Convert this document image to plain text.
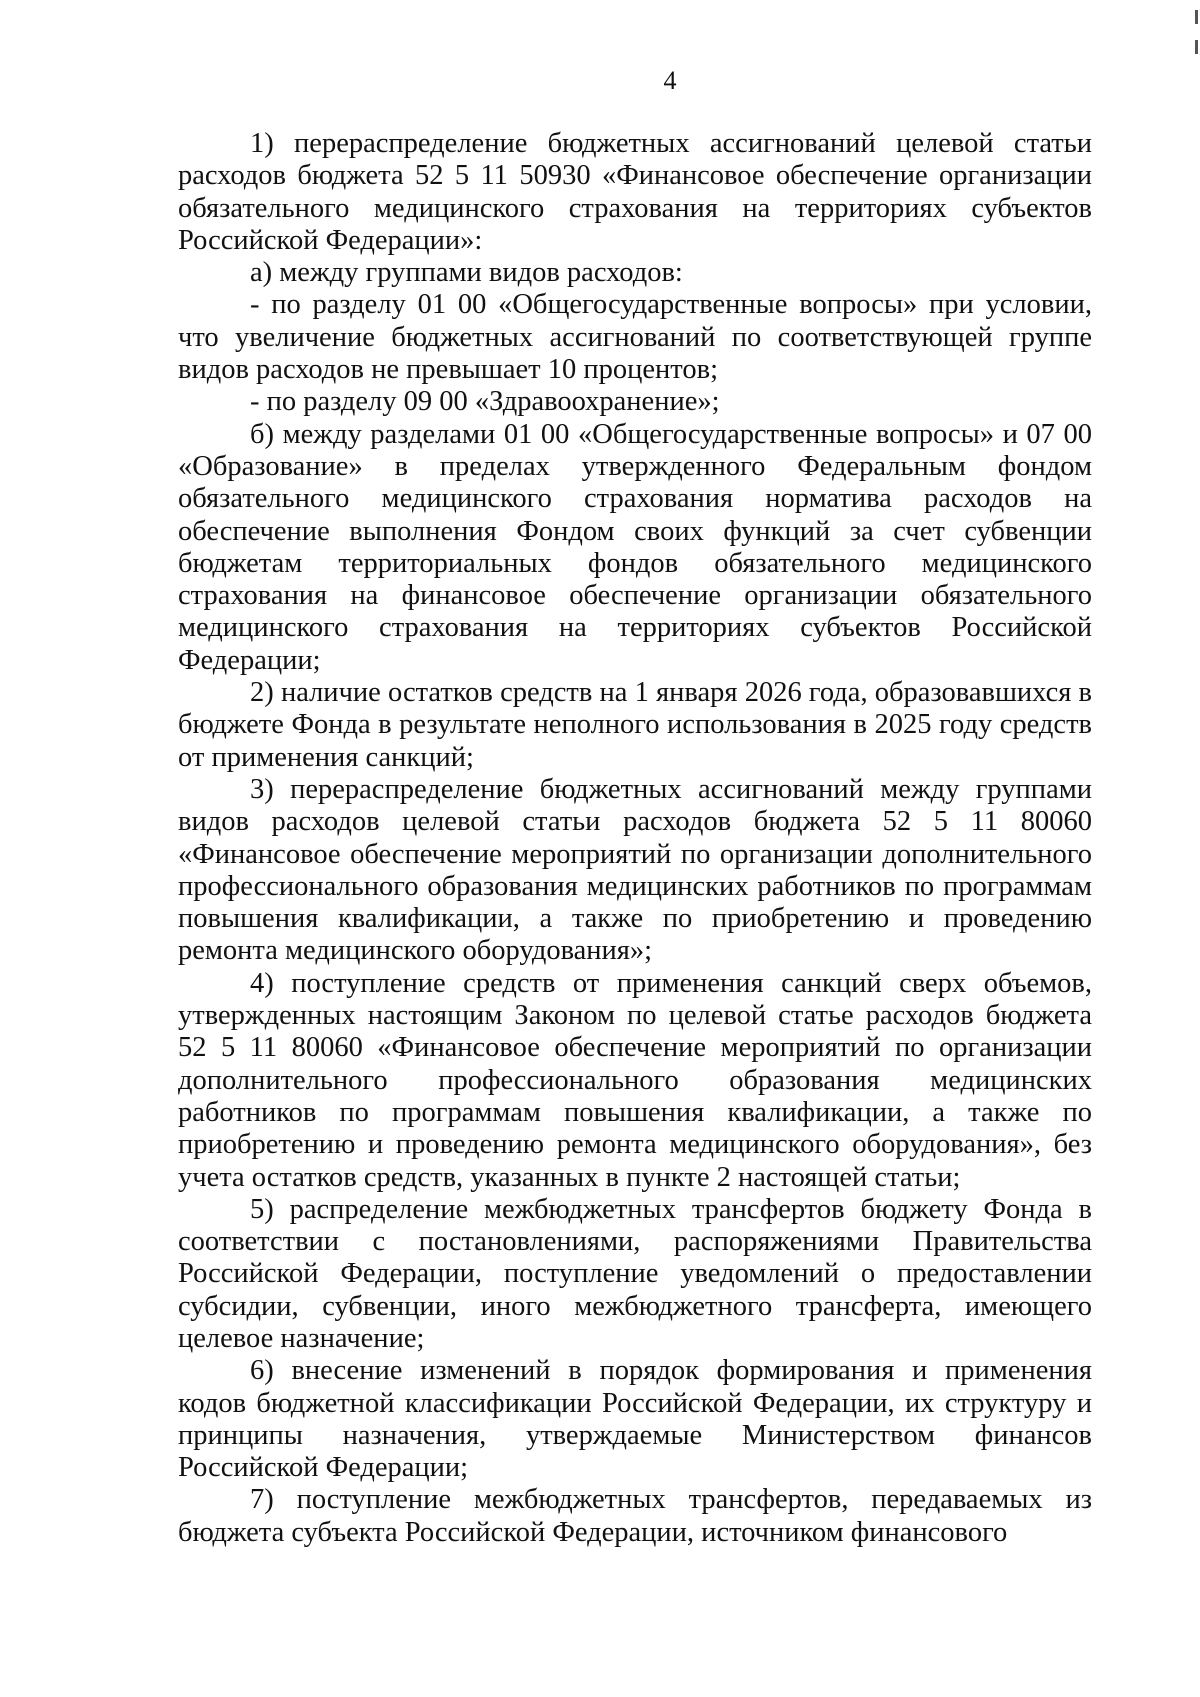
4

1) перераспределение бюджетных ассигнований целевой статьи расходов бюджета 52 5 11 50930 «Финансовое обеспечение организации обязательного медицинского страхования на территориях субъектов Российской Федерации»:

а) между группами видов расходов:

- по разделу 01 00 «Общегосударственные вопросы» при условии, что увеличение бюджетных ассигнований по соответствующей группе видов расходов не превышает 10 процентов;

- по разделу 09 00 «Здравоохранение»;

б) между разделами 01 00 «Общегосударственные вопросы» и 07 00 «Образование» в пределах утвержденного Федеральным фондом обязательного медицинского страхования норматива расходов на обеспечение выполнения Фондом своих функций за счет субвенции бюджетам территориальных фондов обязательного медицинского страхования на финансовое обеспечение организации обязательного медицинского страхования на территориях субъектов Российской Федерации;

2) наличие остатков средств на 1 января 2026 года, образовавшихся в бюджете Фонда в результате неполного использования в 2025 году средств от применения санкций;

3) перераспределение бюджетных ассигнований между группами видов расходов целевой статьи расходов бюджета 52 5 11 80060 «Финансовое обеспечение мероприятий по организации дополнительного профессионального образования медицинских работников по программам повышения квалификации, а также по приобретению и проведению ремонта медицинского оборудования»;

4) поступление средств от применения санкций сверх объемов, утвержденных настоящим Законом по целевой статье расходов бюджета 52 5 11 80060 «Финансовое обеспечение мероприятий по организации дополнительного профессионального образования медицинских работников по программам повышения квалификации, а также по приобретению и проведению ремонта медицинского оборудования», без учета остатков средств, указанных в пункте 2 настоящей статьи;

5) распределение межбюджетных трансфертов бюджету Фонда в соответствии с постановлениями, распоряжениями Правительства Российской Федерации, поступление уведомлений о предоставлении субсидии, субвенции, иного межбюджетного трансферта, имеющего целевое назначение;

6) внесение изменений в порядок формирования и применения кодов бюджетной классификации Российской Федерации, их структуру и принципы назначения, утверждаемые Министерством финансов Российской Федерации;

7) поступление межбюджетных трансфертов, передаваемых из бюджета субъекта Российской Федерации, источником финансового
